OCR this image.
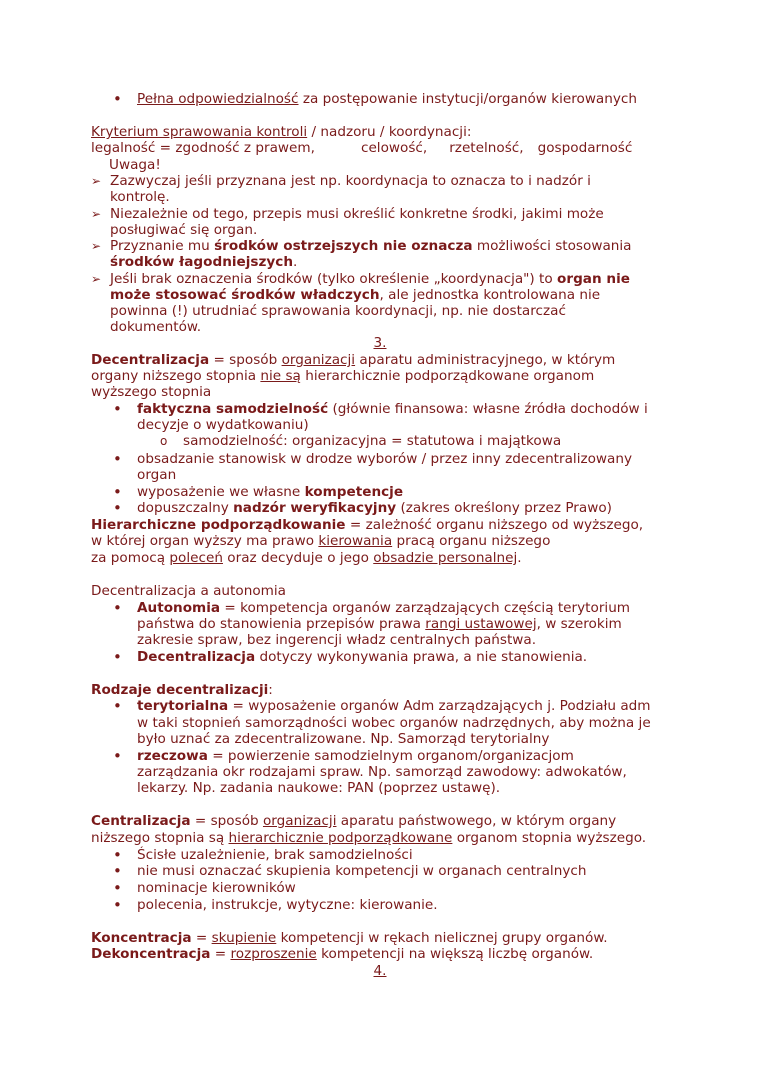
•
Pełna odpowiedzialność za postępowanie instytucji/organów kierowanych
Kryterium sprawowania kontroli / nadzoru / koordynacji:
legalność = zgodność z prawem,	celowość, rzetelność, gospodarność
Uwaga!
➢
Zazwyczaj jeśli przyznana jest np. koordynacja to oznacza to i nadzór i
kontrolę.
➢
Niezależnie od tego, przepis musi określić konkretne środki, jakimi może
posługiwać się organ.
➢
Przyznanie mu środków ostrzejszych nie oznacza możliwości stosowania
środków łagodniejszych.
➢
Jeśli brak oznaczenia środków (tylko określenie „koordynacja") to organ nie
może stosować środków władczych, ale jednostka kontrolowana nie
powinna (!) utrudniać sprawowania koordynacji, np. nie dostarczać
dokumentów.
3.
Decentralizacja = sposób organizacji aparatu administracyjnego, w którym
organy niższego stopnia nie są hierarchicznie podporządkowane organom
wyższego stopnia
•
faktyczna samodzielność (głównie finansowa: własne źródła dochodów i
decyzje o wydatkowaniu)
o
samodzielność: organizacyjna = statutowa i majątkowa
•
obsadzanie stanowisk w drodze wyborów / przez inny zdecentralizowany
organ
•
wyposażenie we własne kompetencje
•
dopuszczalny nadzór weryfikacyjny (zakres określony przez Prawo)
Hierarchiczne podporządkowanie = zależność organu niższego od wyższego,
w której organ wyższy ma prawo kierowania pracą organu niższego
za pomocą poleceń oraz decyduje o jego obsadzie personalnej.
Decentralizacja a autonomia
•
Autonomia = kompetencja organów zarządzających częścią terytorium
państwa do stanowienia przepisów prawa rangi ustawowej, w szerokim
zakresie spraw, bez ingerencji władz centralnych państwa.
•
Decentralizacja dotyczy wykonywania prawa, a nie stanowienia.
Rodzaje decentralizacji:
•
terytorialna = wyposażenie organów Adm zarządzających j. Podziału adm
w taki stopnień samorządności wobec organów nadrzędnych, aby można je
było uznać za zdecentralizowane. Np. Samorząd terytorialny
•
rzeczowa = powierzenie samodzielnym organom/organizacjom
zarządzania okr rodzajami spraw. Np. samorząd zawodowy: adwokatów,
lekarzy. Np. zadania naukowe: PAN (poprzez ustawę).
Centralizacja = sposób organizacji aparatu państwowego, w którym organy
niższego stopnia są hierarchicznie podporządkowane organom stopnia wyższego.
•
Ścisłe uzależnienie, brak samodzielności
•
nie musi oznaczać skupienia kompetencji w organach centralnych
•
nominacje kierowników
•
polecenia, instrukcje, wytyczne: kierowanie.
Koncentracja = skupienie kompetencji w rękach nielicznej grupy organów.
Dekoncentracja = rozproszenie kompetencji na większą liczbę organów.
4.
